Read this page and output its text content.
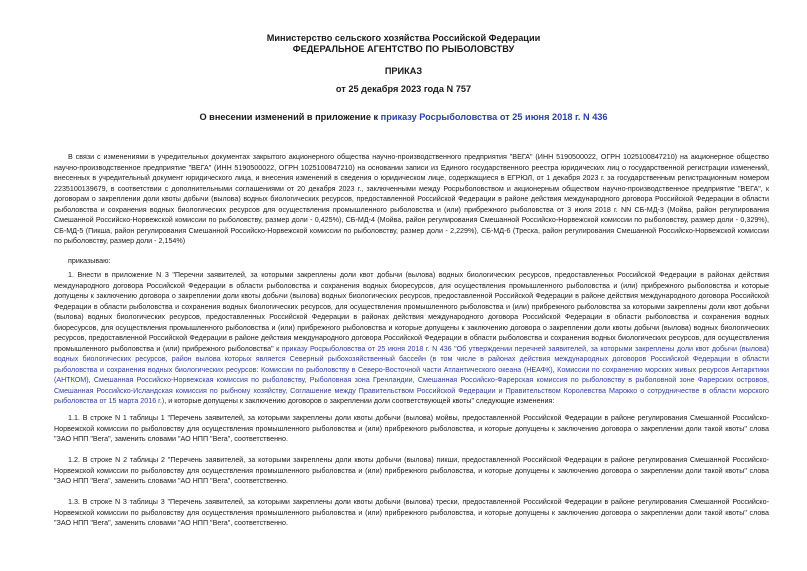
Министерство сельского хозяйства Российской Федерации
ФЕДЕРАЛЬНОЕ АГЕНТСТВО ПО РЫБОЛОВСТВУ
ПРИКАЗ
от 25 декабря 2023 года N 757
О внесении изменений в приложение к приказу Росрыболовства от 25 июня 2018 г. N 436

В связи с изменениями в учредительных документах закрытого акционерного общества научно-производственного предприятия "ВЕГА" (ИНН 5190500022, ОГРН 1025100847210) на акционерное общество научно-производственное предприятие "ВЕГА" (ИНН 5190500022, ОГРН 1025100847210) на основании записи из Единого государственного реестра юридических лиц о государственной регистрации изменений, внесенных в учредительный документ юридического лица, и внесения изменений в сведения о юридическом лице, содержащиеся в ЕГРЮЛ, от 1 декабря 2023 г. за государственным регистрационным номером 2235100139679, в соответствии с дополнительными соглашениями от 20 декабря 2023 г., заключенными между Росрыболовством и акционерным обществом научно-производственное предприятие "ВЕГА", к договорам о закреплении доли квоты добычи (вылова) водных биологических ресурсов, предоставленной Российской Федерации в районе действия международного договора Российской Федерации в области рыболовства и сохранения водных биологических ресурсов для осуществления промышленного рыболовства и (или) прибрежного рыболовства от 3 июля 2018 г. NN СБ-МД-3 (Мойва, район регулирования Смешанной Российско-Норвежской комиссии по рыболовству, размер доли - 0,425%), СБ-МД-4 (Мойва, район регулирования Смешанной Российско-Норвежской комиссии по рыболовству, размер доли - 0,329%), СБ-МД-5 (Пикша, район регулирования Смешанной Российско-Норвежской комиссии по рыболовству, размер доли - 2,229%), СБ-МД-6 (Треска, район регулирования Смешанной Российско-Норвежской комиссии по рыболовству, размер доли - 2,154%)

приказываю:

1. Внести в приложение N 3 "Перечни заявителей, за которыми закреплены доли квот добычи (вылова) водных биологических ресурсов, предоставленных Российской Федерации в районах действия международного договора Российской Федерации в области рыболовства и сохранения водных биоресурсов, для осуществления промышленного рыболовства и (или) прибрежного рыболовства и которые допущены к заключению договора о закреплении доли квоты добычи (вылова) водных биологических ресурсов, предоставленной Российской Федерации в районе действия международного договора Российской Федерации в области рыболовства и сохранения водных биологических ресурсов, для осуществления промышленного рыболовства и (или) прибрежного рыболовства за которыми закреплены доли квот добычи (вылова) водных биологических ресурсов, предоставленных Российской Федерации в районах действия международного договора Российской Федерации в области рыболовства и сохранения водных биоресурсов, для осуществления промышленного рыболовства и (или) прибрежного рыболовства и которые допущены к заключению договора о закреплении доли квоты добычи (вылова) водных биологических ресурсов, предоставленной Российской Федерации в районе действия международного договора Российской Федерации в области рыболовства и сохранения водных биологических ресурсов, для осуществления промышленного рыболовства и (или) прибрежного рыболовства" к приказу Росрыболовства от 25 июня 2018 г. N 436 "Об утверждении перечней заявителей, за которыми закреплены доли квот добычи (вылова) водных биологических ресурсов, район вылова которых является Северный рыбохозяйственный бассейн (в том числе в районах действия международных договоров Российской Федерации в области рыболовства и сохранения водных биологических ресурсов: Комиссии по рыболовству в Северо-Восточной части Атлантического океана (НЕАФК), Комиссии по сохранению морских живых ресурсов Антарктики (АНТКОМ), Смешанная Российско-Норвежская комиссия по рыболовству, Рыболовная зона Гренландии, Смешанная Российско-Фарерская комиссия по рыболовству в рыболовной зоне Фарерских островов, Смешанная Российско-Исландская комиссия по рыбному хозяйству, Соглашение между Правительством Российской Федерации и Правительством Королевства Марокко о сотрудничестве в области морского рыболовства от 15 марта 2016 г.), и которые допущены к заключению договоров о закреплении доли соответствующей квоты" следующие изменения:

1.1. В строке N 1 таблицы 1 "Перечень заявителей, за которыми закреплены доли квоты добычи (вылова) мойвы, предоставленной Российской Федерации в районе регулирования Смешанной Российско-Норвежской комиссии по рыболовству для осуществления промышленного рыболовства и (или) прибрежного рыболовства, и которые допущены к заключению договора о закреплении доли такой квоты" слова "ЗАО НПП "Вега", заменить словами "АО НПП "Вега", соответственно.

1.2. В строке N 2 таблицы 2 "Перечень заявителей, за которыми закреплены доли квоты добычи (вылова) пикши, предоставленной Российской Федерации в районе регулирования Смешанной Российско-Норвежской комиссии по рыболовству для осуществления промышленного рыболовства и (или) прибрежного рыболовства, и которые допущены к заключению договора о закреплении доли такой квоты" слова "ЗАО НПП "Вега", заменить словами "АО НПП "Вега", соответственно.

1.3. В строке N 3 таблицы 3 "Перечень заявителей, за которыми закреплены доли квоты добычи (вылова) трески, предоставленной Российской Федерации в районе регулирования Смешанной Российско-Норвежской комиссии по рыболовству для осуществления промышленного рыболовства и (или) прибрежного рыболовства, и которые допущены к заключению договора о закреплении доли такой квоты" слова "ЗАО НПП "Вега", заменить словами "АО НПП "Вега", соответственно.
